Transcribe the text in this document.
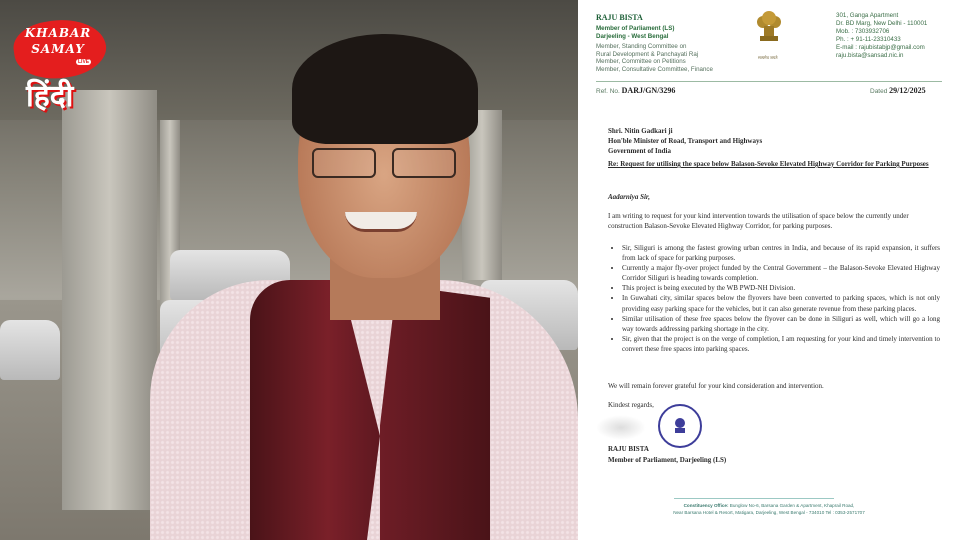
KHABAR
SAMAY
LIVE
हिंदी
RAJU BISTA
Member of Parliament (LS)
Darjeeling - West Bengal
Member, Standing Committee on
Rural Development & Panchayati Raj
Member, Committee on Petitions
Member, Consultative Committee, Finance
सत्यमेव जयते
301, Ganga Apartment
Dr. BD Marg, New Delhi - 110001
Mob. : 7303932706
Ph. : + 91-11-23310433
E-mail : rajubistabjp@gmail.com
raju.bista@sansad.nic.in
Ref. No. DARJ/GN/3296	Dated 29/12/2025
Shri. Nitin Gadkari ji
Hon'ble Minister of Road, Transport and Highways
Government of India
Re: Request for utilising the space below Balason-Sevoke Elevated Highway Corridor for Parking Purposes
Aadarniya Sir,
I am writing to request for your kind intervention towards the utilisation of space below the currently under construction Balason-Sevoke Elevated Highway Corridor, for parking purposes.
• Sir, Siliguri is among the fastest growing urban centres in India, and because of its rapid expansion, it suffers from lack of space for parking purposes.
• Currently a major fly-over project funded by the Central Government – the Balason-Sevoke Elevated Highway Corridor Siliguri is heading towards completion.
• This project is being executed by the WB PWD-NH Division.
• In Guwahati city, similar spaces below the flyovers have been converted to parking spaces, which is not only providing easy parking space for the vehicles, but it can also generate revenue from these parking places.
• Similar utilisation of these free spaces below the flyover can be done in Siliguri as well, which will go a long way towards addressing parking shortage in the city.
• Sir, given that the project is on the verge of completion, I am requesting for your kind and timely intervention to convert these free spaces into parking spaces.
We will remain forever grateful for your kind consideration and intervention.
Kindest regards,
RAJU BISTA
Member of Parliament, Darjeeling (LS)
Constituency Office: Bunglow No-6, Barsana Garden & Apartment, Khaprail Road,
Near Barsana Hotel & Resort, Matigara, Darjeeling, West Bengal - 734010 Tel : 0353-2571707
